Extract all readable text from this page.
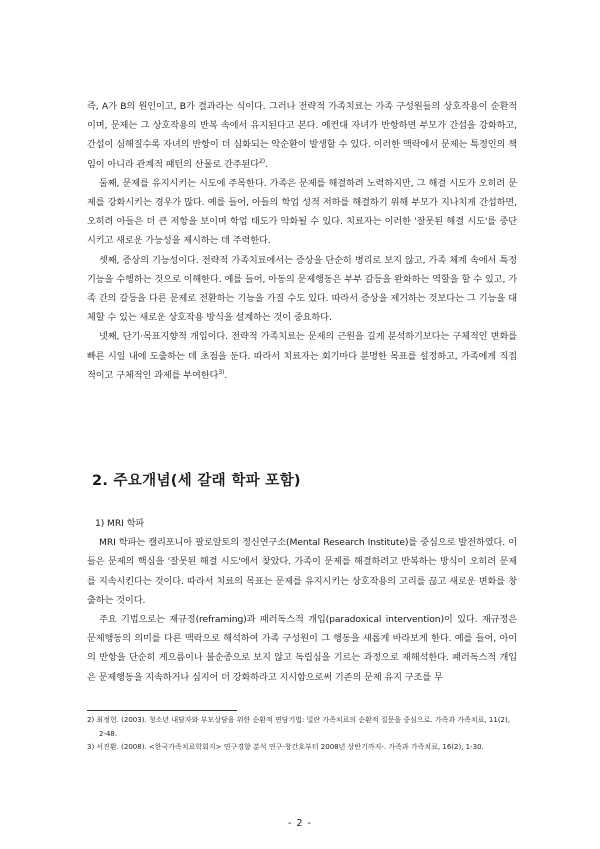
즉, A가 B의 원인이고, B가 결과라는 식이다. 그러나 전략적 가족치료는 가족 구성원들의 상호작용이 순환적이며, 문제는 그 상호작용의 반복 속에서 유지된다고 본다. 예컨대 자녀가 반항하면 부모가 간섭을 강화하고, 간섭이 심해질수록 자녀의 반항이 더 심화되는 악순환이 발생할 수 있다. 이러한 맥락에서 문제는 특정인의 책임이 아니라 관계적 패턴의 산물로 간주된다$^{2)}$.

둘째, 문제를 유지시키는 시도에 주목한다. 가족은 문제를 해결하려 노력하지만, 그 해결 시도가 오히려 문제를 강화시키는 경우가 많다. 예를 들어, 아들의 학업 성적 저하를 해결하기 위해 부모가 지나치게 간섭하면, 오히려 아들은 더 큰 저항을 보이며 학업 태도가 악화될 수 있다. 치료자는 이러한 '잘못된 해결 시도'를 중단시키고 새로운 가능성을 제시하는 데 주력한다.

셋째, 증상의 기능성이다. 전략적 가족치료에서는 증상을 단순히 병리로 보지 않고, 가족 체계 속에서 특정 기능을 수행하는 것으로 이해한다. 예를 들어, 아동의 문제행동은 부부 갈등을 완화하는 역할을 할 수 있고, 가족 간의 갈등을 다른 문제로 전환하는 기능을 가질 수도 있다. 따라서 증상을 제거하는 것보다는 그 기능을 대체할 수 있는 새로운 상호작용 방식을 설계하는 것이 중요하다.

넷째, 단기·목표지향적 개입이다. 전략적 가족치료는 문제의 근원을 길게 분석하기보다는 구체적인 변화를 빠른 시일 내에 도출하는 데 초점을 둔다. 따라서 치료자는 회기마다 분명한 목표를 설정하고, 가족에게 직접적이고 구체적인 과제를 부여한다$^{3)}$.

2. 주요개념(세 갈래 학파 포함)

1) MRI 학파

MRI 학파는 캘리포니아 팔로알토의 정신연구소(Mental Research Institute)를 중심으로 발전하였다. 이들은 문제의 핵심을 '잘못된 해결 시도'에서 찾았다. 가족이 문제를 해결하려고 반복하는 방식이 오히려 문제를 지속시킨다는 것이다. 따라서 치료의 목표는 문제를 유지시키는 상호작용의 고리를 끊고 새로운 변화를 창출하는 것이다.

주요 기법으로는 재규정(reframing)과 패러독스적 개입(paradoxical intervention)이 있다. 재규정은 문제행동의 의미를 다른 맥락으로 해석하여 가족 구성원이 그 행동을 새롭게 바라보게 한다. 예를 들어, 아이의 반항을 단순히 게으름이나 불순종으로 보지 않고 독립심을 기르는 과정으로 재해석한다. 패러독스적 개입은 문제행동을 지속하거나 심지어 더 강화하라고 지시함으로써 기존의 문제 유지 구조를 무

2) 최정헌. (2003). 청소년 내담자와 부모상담을 위한 순환적 면담기법: 밀란 가족치료의 순환적 질문을 중심으로. 가족과 가족치료, 11(2), 2-48.

3) 서진환. (2008). <한국가족치료학회지> 연구경향 분석 연구-창간호부터 2008년 상반기까지-. 가족과 가족치료, 16(2), 1-30.

- 2 -
